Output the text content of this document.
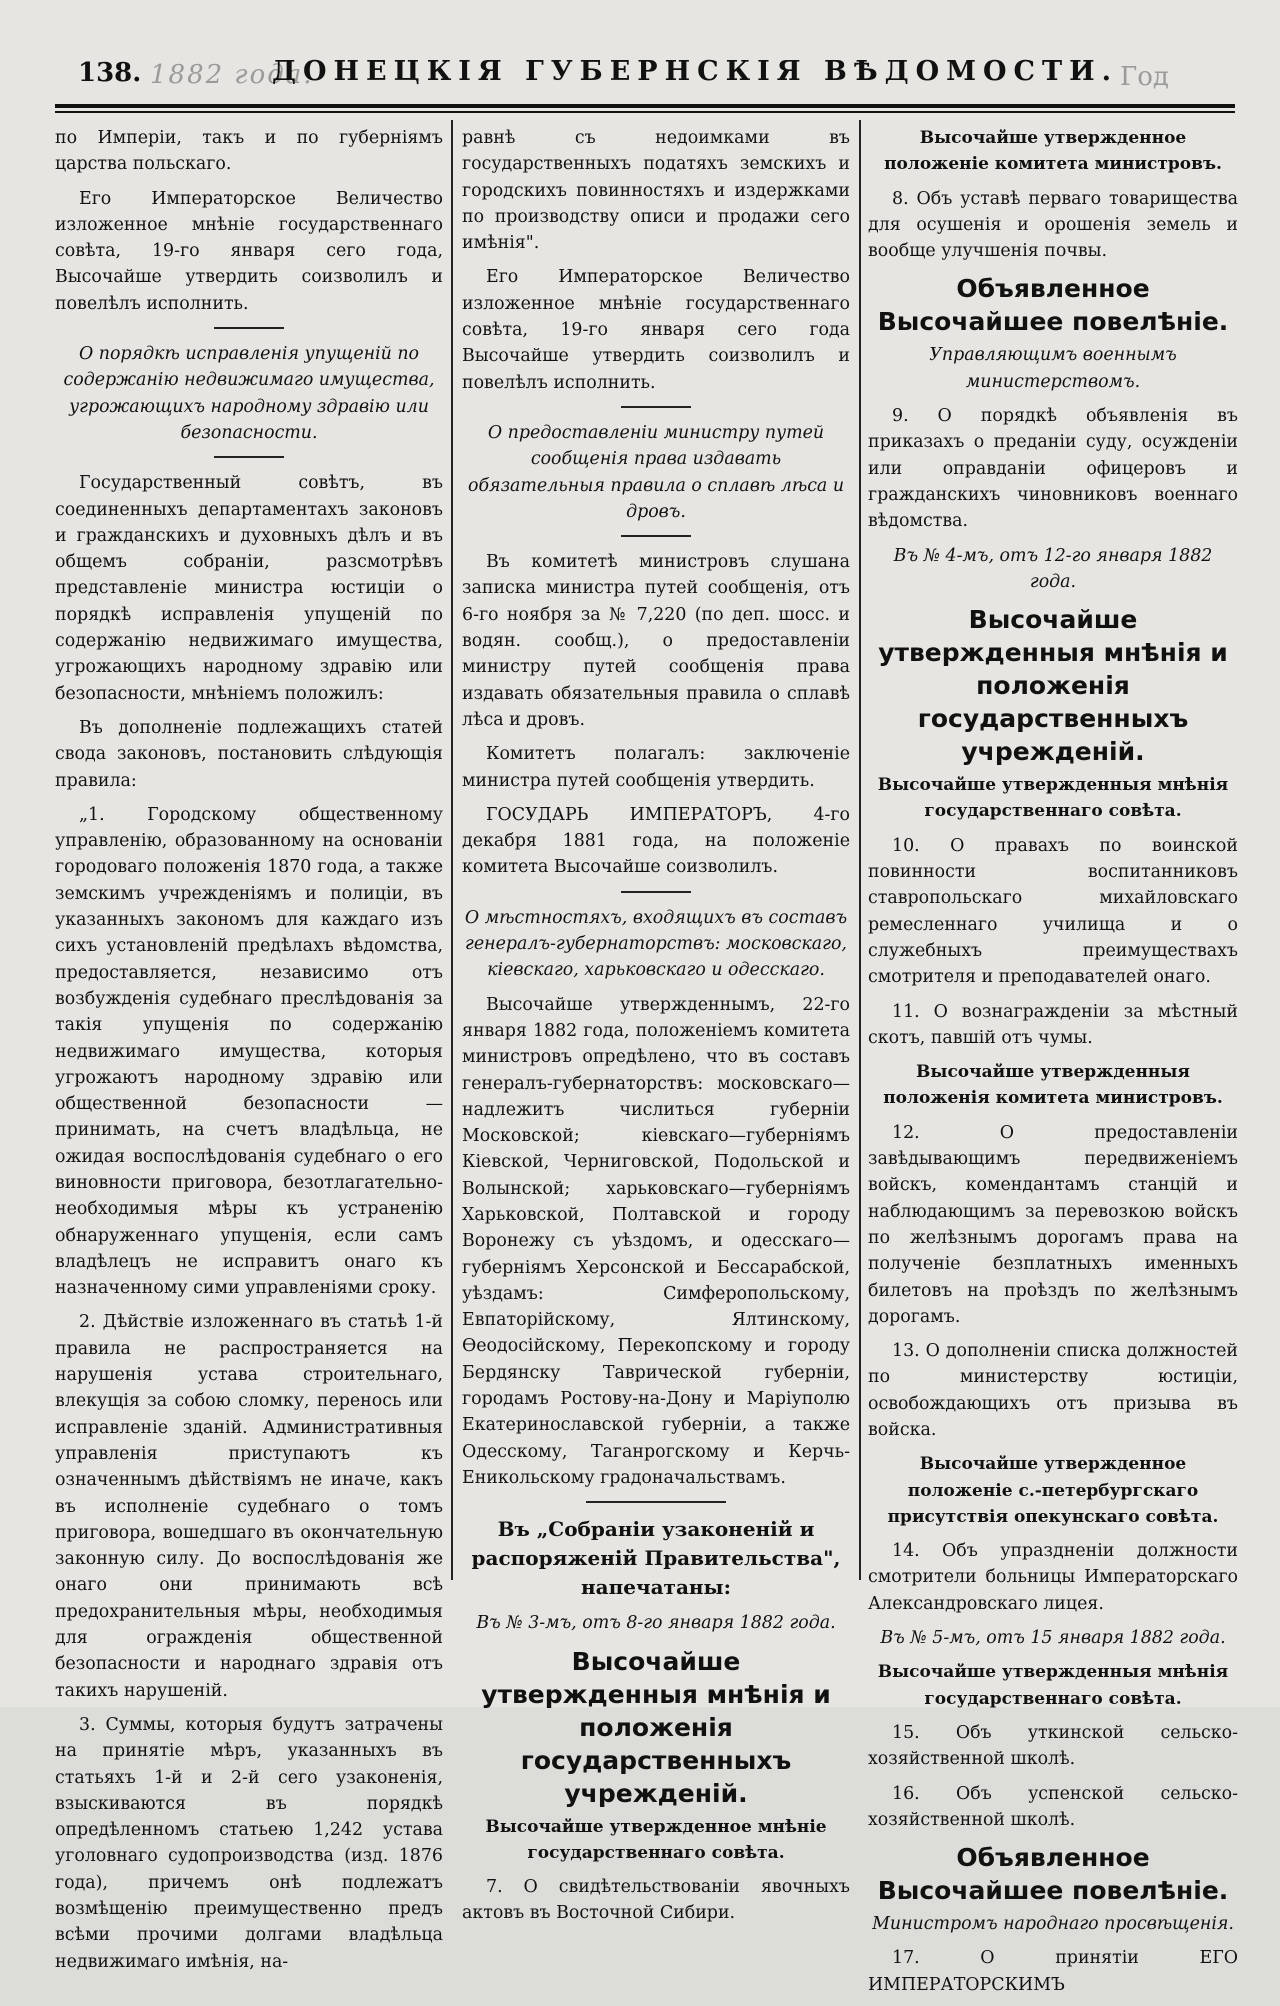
1882 года.
138.	ДОНЕЦКІЯ ГУБЕРНСКІЯ ВѢДОМОСТИ. Год

по Имперіи, такъ и по губерніямъ царства польскаго.

Его Императорское Величество изложенное мнѣніе государственнаго совѣта, 19-го января сего года, Высочайше утвердить соизволилъ и повелѣлъ исполнить.

О порядкѣ исправленія упущеній по содержанію недвижимаго имущества, угрожающихъ народному здравію или безопасности.

Государственный совѣтъ, въ соединенныхъ департаментахъ законовъ и гражданскихъ и духовныхъ дѣлъ и въ общемъ собраніи, разсмотрѣвъ представленіе министра юстиціи о порядкѣ исправленія упущеній по содержанію недвижимаго имущества, угрожающихъ народному здравію или безопасности, мнѣніемъ положилъ:

Въ дополненіе подлежащихъ статей свода законовъ, постановить слѣдующія правила:

„1. Городскому общественному управленію, образованному на основаніи городоваго положенія 1870 года, а также земскимъ учрежденіямъ и полиціи, въ указанныхъ закономъ для каждаго изъ сихъ установленій предѣлахъ вѣдомства, предоставляется, независимо отъ возбужденія судебнаго преслѣдованія за такія упущенія по содержанію недвижимаго имущества, которыя угрожаютъ народному здравію или общественной безопасности — принимать, на счетъ владѣльца, не ожидая воспослѣдованія судебнаго о его виновности приговора, безотлагательно-необходимыя мѣры къ устраненію обнаруженнаго упущенія, если самъ владѣлецъ не исправитъ онаго къ назначенному сими управленіями сроку.

2. Дѣйствіе изложеннаго въ статьѣ 1-й правила не распространяется на нарушенія устава строительнаго, влекущія за собою сломку, перенось или исправленіе зданій. Административныя управленія приступаютъ къ означеннымъ дѣйствіямъ не иначе, какъ въ исполненіе судебнаго о томъ приговора, вошедшаго въ окончательную законную силу. До воспослѣдованія же онаго они принимають всѣ предохранительныя мѣры, необходимыя для огражденія общественной безопасности и народнаго здравія отъ такихъ нарушеній.

3. Суммы, которыя будутъ затрачены на принятіе мѣръ, указанныхъ въ статьяхъ 1-й и 2-й сего узаконенія, взыскиваются въ порядкѣ опредѣленномъ статьею 1,242 устава уголовнаго судопроизводства (изд. 1876 года), причемъ онѣ подлежатъ возмѣщенію преимущественно предъ всѣми прочими долгами владѣльца недвижимаго имѣнія, на-

равнѣ съ недоимками въ государственныхъ податяхъ земскихъ и городскихъ повинностяхъ и издержками по производству описи и продажи сего имѣнія".

Его Императорское Величество изложенное мнѣніе государственнаго совѣта, 19-го января сего года Высочайше утвердить соизволилъ и повелѣлъ исполнить.

О предоставленіи министру путей сообщенія права издавать обязательныя правила о сплавѣ лѣса и дровъ.

Въ комитетѣ министровъ слушана записка министра путей сообщенія, отъ 6-го ноября за № 7,220 (по деп. шосс. и водян. сообщ.), о предоставленіи министру путей сообщенія права издавать обязательныя правила о сплавѣ лѣса и дровъ.

Комитетъ полагалъ: заключеніе министра путей сообщенія утвердить.

ГОСУДАРЬ ИМПЕРАТОРЪ, 4-го декабря 1881 года, на положеніе комитета Высочайше соизволилъ.

О мѣстностяхъ, входящихъ въ составъ генералъ-губернаторствъ: московскаго, кіевскаго, харьковскаго и одесскаго.

Высочайше утвержденнымъ, 22-го января 1882 года, положеніемъ комитета министровъ опредѣлено, что въ составъ генералъ-губернаторствъ: московскаго—надлежитъ числиться губерніи Московской; кіевскаго—губерніямъ Кіевской, Черниговской, Подольской и Волынской; харьковскаго—губерніямъ Харьковской, Полтавской и городу Воронежу съ уѣздомъ, и одесскаго—губерніямъ Херсонской и Бессарабской, уѣздамъ: Симферопольскому, Евпаторійскому, Ялтинскому, Ѳеодосійскому, Перекопскому и городу Бердянску Таврической губерніи, городамъ Ростову-на-Дону и Маріуполю Екатеринославской губерніи, а также Одесскому, Таганрогскому и Керчь-Еникольскому градоначальствамъ.

Въ „Собраніи узаконеній и распоряженій Правительства", напечатаны:

Въ № 3-мъ, отъ 8-го января 1882 года.

Высочайше утвержденныя мнѣнія и положенія государственныхъ учрежденій.

Высочайше утвержденное мнѣніе государственнаго совѣта.

7. О свидѣтельствованіи явочныхъ актовъ въ Восточной Сибири.

Высочайше утвержденное положеніе комитета министровъ.

8. Объ уставѣ перваго товарищества для осушенія и орошенія земель и вообще улучшенія почвы.

Объявленное Высочайшее повелѣніе.

Управляющимъ военнымъ министерствомъ.

9. О порядкѣ объявленія въ приказахъ о преданіи суду, осужденіи или оправданіи офицеровъ и гражданскихъ чиновниковъ военнаго вѣдомства.

Въ № 4-мъ, отъ 12-го января 1882 года.

Высочайше утвержденныя мнѣнія и положенія государственныхъ учрежденій.

Высочайше утвержденныя мнѣнія государственнаго совѣта.

10. О правахъ по воинской повинности воспитанниковъ ставропольскаго михайловскаго ремесленнаго училища и о служебныхъ преимуществахъ смотрителя и преподавателей онаго.

11. О вознагражденіи за мѣстный скотъ, павшій отъ чумы.

Высочайше утвержденныя положенія комитета министровъ.

12. О предоставленіи завѣдывающимъ передвиженіемъ войскъ, комендантамъ станцій и наблюдающимъ за перевозкою войскъ по желѣзнымъ дорогамъ права на полученіе безплатныхъ именныхъ билетовъ на проѣздъ по желѣзнымъ дорогамъ.

13. О дополненіи списка должностей по министерству юстиціи, освобождающихъ отъ призыва въ войска.

Высочайше утвержденное положеніе с.-петербургскаго присутствія опекунскаго совѣта.

14. Объ упраздненіи должности смотрители больницы Императорскаго Александровскаго лицея.

Въ № 5-мъ, отъ 15 января 1882 года.

Высочайше утвержденныя мнѣнія государственнаго совѣта.

15. Объ уткинской сельско-хозяйственной школѣ.

16. Объ успенской сельско-хозяйственной школѣ.

Объявленное Высочайшее повелѣніе.

Министромъ народнаго просвѣщенія.

17. О принятіи ЕГО ИМПЕРАТОРСКИМЪ
